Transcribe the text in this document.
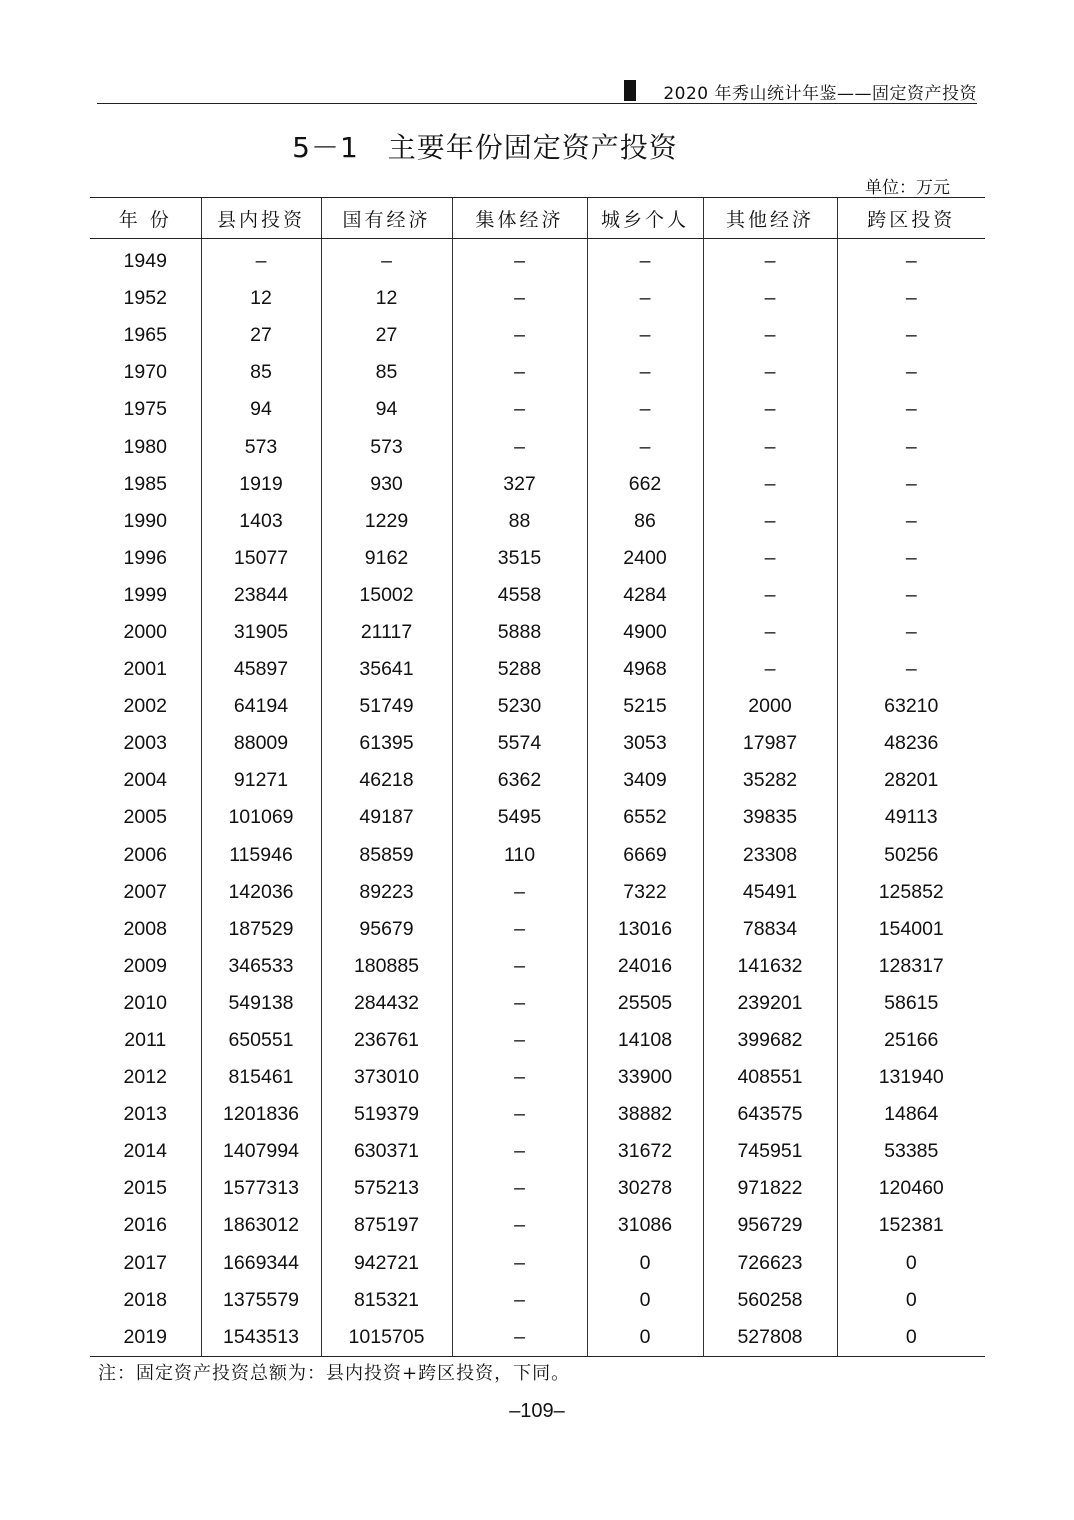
2020 年秀山统计年鉴——固定资产投资
5－1　主要年份固定资产投资
单位：万元
年 份	县内投资	国有经济	集体经济	城乡个人	其他经济	跨区投资
1949	–	–	–	–	–	–
1952	12	12	–	–	–	–
1965	27	27	–	–	–	–
1970	85	85	–	–	–	–
1975	94	94	–	–	–	–
1980	573	573	–	–	–	–
1985	1919	930	327	662	–	–
1990	1403	1229	88	86	–	–
1996	15077	9162	3515	2400	–	–
1999	23844	15002	4558	4284	–	–
2000	31905	21117	5888	4900	–	–
2001	45897	35641	5288	4968	–	–
2002	64194	51749	5230	5215	2000	63210
2003	88009	61395	5574	3053	17987	48236
2004	91271	46218	6362	3409	35282	28201
2005	101069	49187	5495	6552	39835	49113
2006	115946	85859	110	6669	23308	50256
2007	142036	89223	–	7322	45491	125852
2008	187529	95679	–	13016	78834	154001
2009	346533	180885	–	24016	141632	128317
2010	549138	284432	–	25505	239201	58615
2011	650551	236761	–	14108	399682	25166
2012	815461	373010	–	33900	408551	131940
2013	1201836	519379	–	38882	643575	14864
2014	1407994	630371	–	31672	745951	53385
2015	1577313	575213	–	30278	971822	120460
2016	1863012	875197	–	31086	956729	152381
2017	1669344	942721	–	0	726623	0
2018	1375579	815321	–	0	560258	0
2019	1543513	1015705	–	0	527808	0
注：固定资产投资总额为：县内投资+跨区投资，下同。
–109–
